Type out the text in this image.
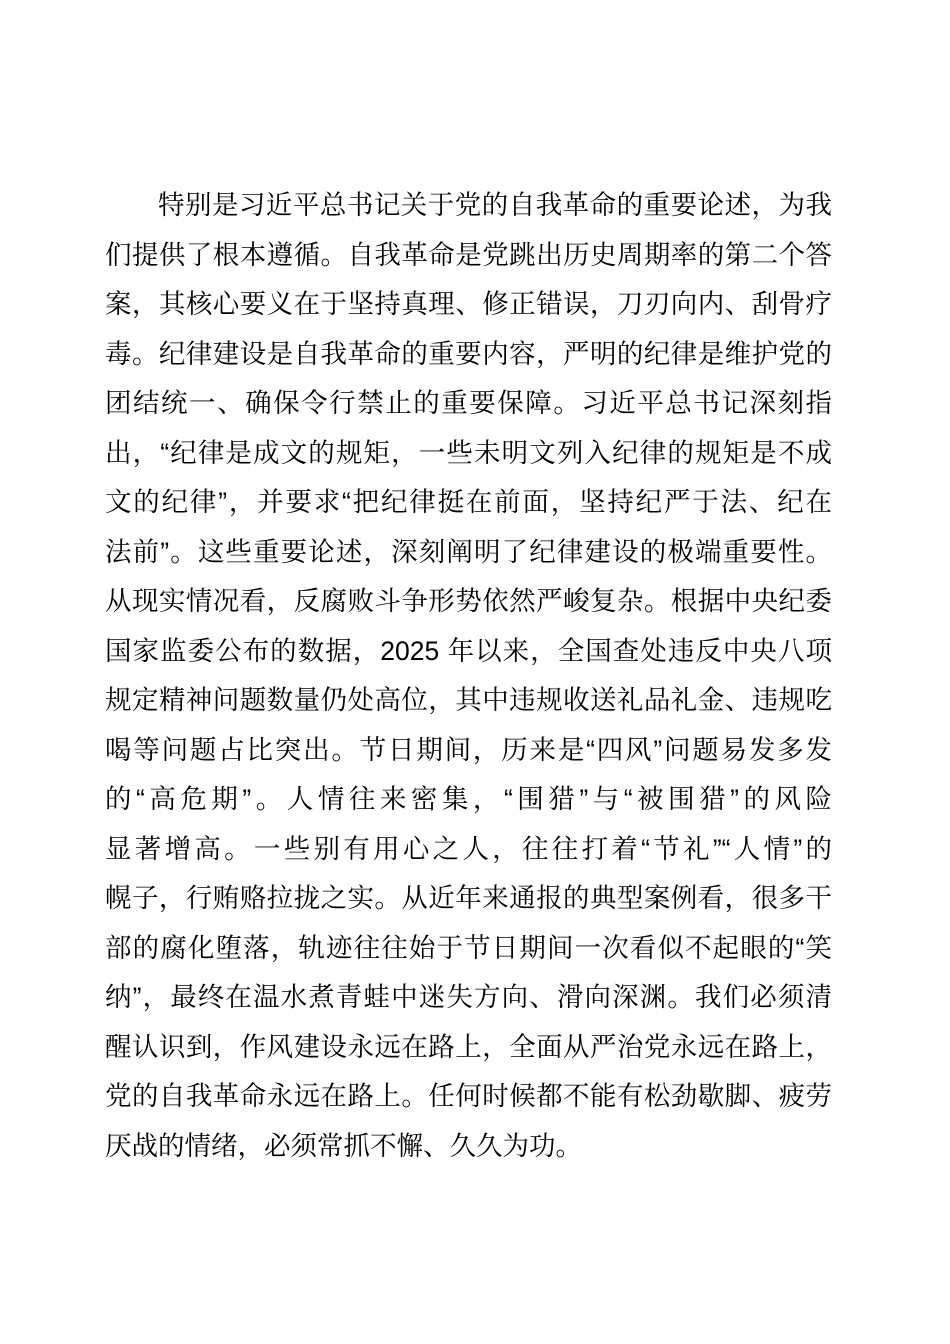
特别是习近平总书记关于党的自我革命的重要论述，为我
们提供了根本遵循。自我革命是党跳出历史周期率的第二个答
案，其核心要义在于坚持真理、修正错误，刀刃向内、刮骨疗
毒。纪律建设是自我革命的重要内容，严明的纪律是维护党的
团结统一、确保令行禁止的重要保障。习近平总书记深刻指
出，“纪律是成文的规矩，一些未明文列入纪律的规矩是不成
文的纪律”，并要求“把纪律挺在前面，坚持纪严于法、纪在
法前”。这些重要论述，深刻阐明了纪律建设的极端重要性。
从现实情况看，反腐败斗争形势依然严峻复杂。根据中央纪委
国家监委公布的数据，2025 年以来，全国查处违反中央八项
规定精神问题数量仍处高位，其中违规收送礼品礼金、违规吃
喝等问题占比突出。节日期间，历来是“四风”问题易发多发
的“高危期”。人情往来密集，“围猎”与“被围猎”的风险
显著增高。一些别有用心之人，往往打着“节礼”“人情”的
幌子，行贿赂拉拢之实。从近年来通报的典型案例看，很多干
部的腐化堕落，轨迹往往始于节日期间一次看似不起眼的“笑
纳”，最终在温水煮青蛙中迷失方向、滑向深渊。我们必须清
醒认识到，作风建设永远在路上，全面从严治党永远在路上，
党的自我革命永远在路上。任何时候都不能有松劲歇脚、疲劳
厌战的情绪，必须常抓不懈、久久为功。
